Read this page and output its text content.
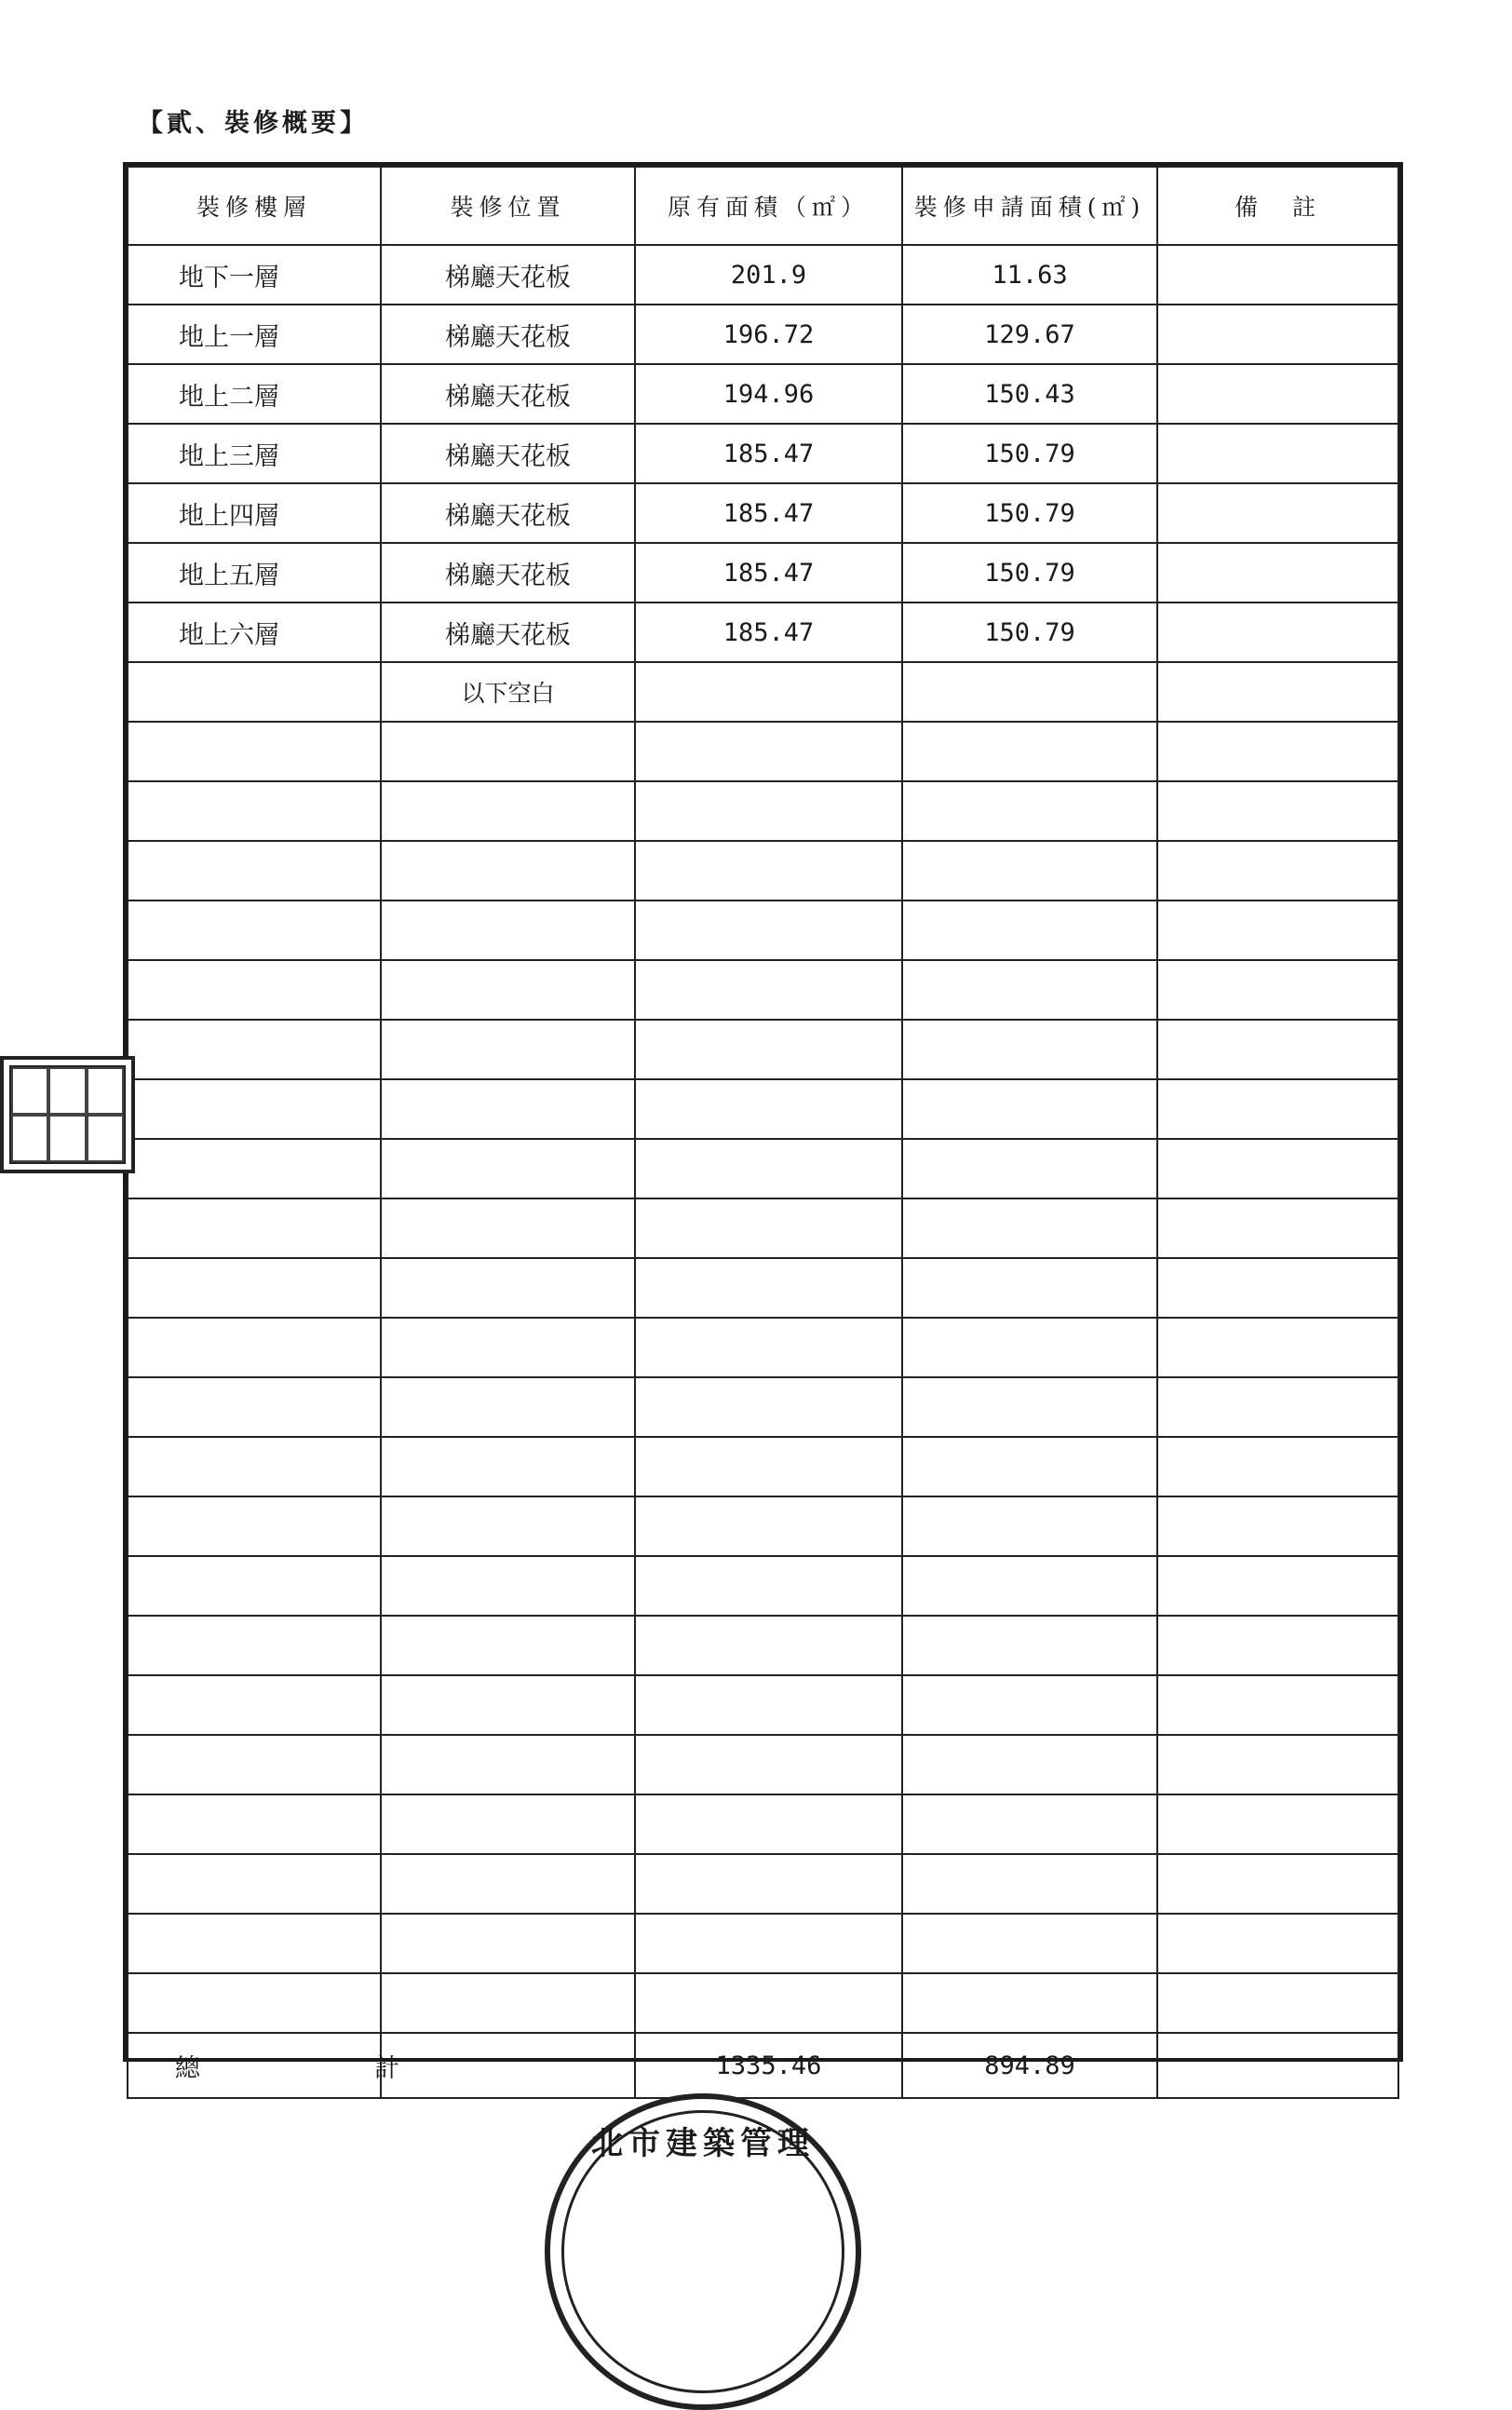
【貳、裝修概要】
裝修樓層	裝修位置	原有面積（㎡）	裝修申請面積(㎡)	備　註
地下一層	梯廳天花板	201.9	11.63	
地上一層	梯廳天花板	196.72	129.67	
地上二層	梯廳天花板	194.96	150.43	
地上三層	梯廳天花板	185.47	150.79	
地上四層	梯廳天花板	185.47	150.79	
地上五層	梯廳天花板	185.47	150.79	
地上六層	梯廳天花板	185.47	150.79	
	以下空白			

總　計		1335.46	894.89	
北市建築管理
